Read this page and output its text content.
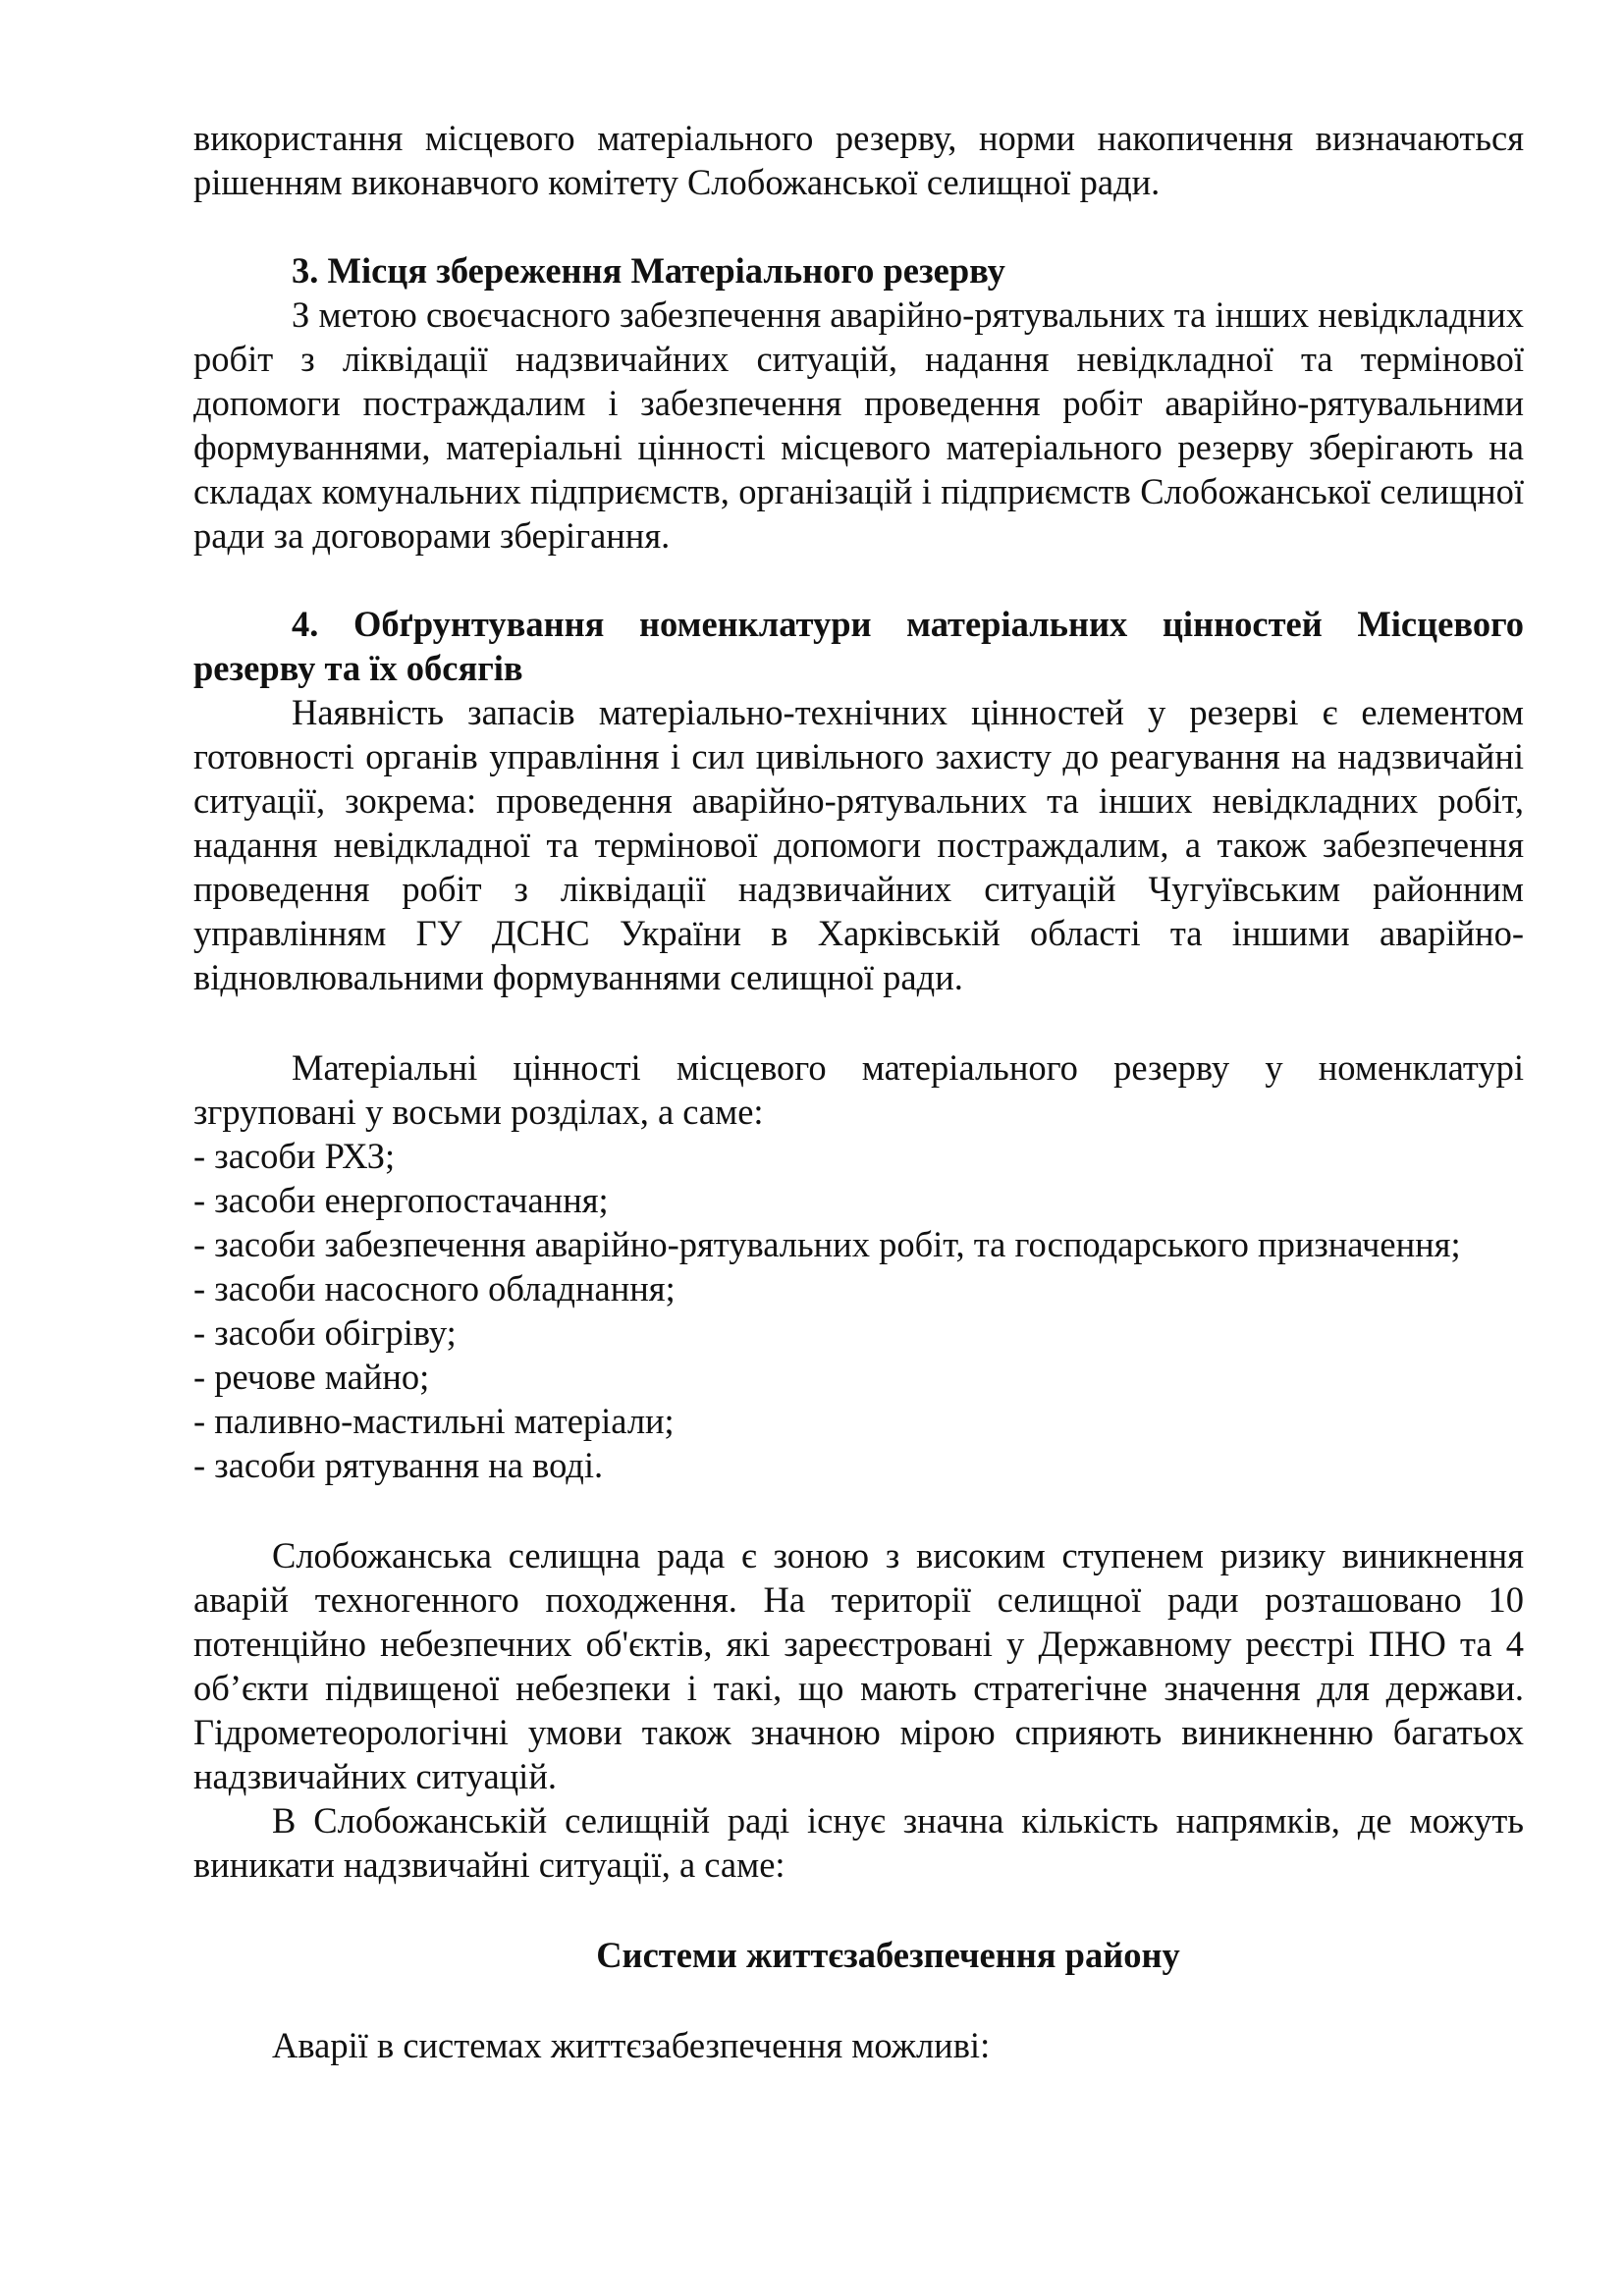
використання місцевого матеріального резерву, норми накопичення визначаються рішенням виконавчого комітету Слобожанської селищної ради.

3. Місця збереження Матеріального резерву

З метою своєчасного забезпечення аварійно-рятувальних та інших невідкладних робіт з ліквідації надзвичайних ситуацій, надання невідкладної та термінової допомоги постраждалим і забезпечення проведення робіт аварійно-рятувальними формуваннями, матеріальні цінності місцевого матеріального резерву зберігають на складах комунальних підприємств, організацій і підприємств Слобожанської селищної ради за договорами зберігання.

4. Обґрунтування номенклатури матеріальних цінностей Місцевого резерву та їх обсягів

Наявність запасів матеріально-технічних цінностей у резерві є елементом готовності органів управління і сил цивільного захисту до реагування на надзвичайні ситуації, зокрема: проведення аварійно-рятувальних та інших невідкладних робіт, надання невідкладної та термінової допомоги постраждалим, а також забезпечення проведення робіт з ліквідації надзвичайних ситуацій Чугуївським районним управлінням ГУ ДСНС України в Харківській області та іншими аварійно-відновлювальними формуваннями селищної ради.

Матеріальні цінності місцевого матеріального резерву у номенклатурі згруповані у восьми розділах, а саме:

- засоби РХЗ;
- засоби енергопостачання;
- засоби забезпечення аварійно-рятувальних робіт, та господарського призначення;
- засоби насосного обладнання;
- засоби обігріву;
- речове майно;
- паливно-мастильні матеріали;
- засоби рятування на воді.

Слобожанська селищна рада є зоною з високим ступенем ризику виникнення аварій техногенного походження. На території селищної ради розташовано 10 потенційно небезпечних об'єктів, які зареєстровані у Державному реєстрі ПНО та 4 об’єкти підвищеної небезпеки і такі, що мають стратегічне значення для держави. Гідрометеорологічні умови також значною мірою сприяють виникненню багатьох надзвичайних ситуацій.

В Слобожанській селищній раді існує значна кількість напрямків, де можуть виникати надзвичайні ситуації, а саме:

Системи життєзабезпечення району

Аварії в системах життєзабезпечення можливі:
